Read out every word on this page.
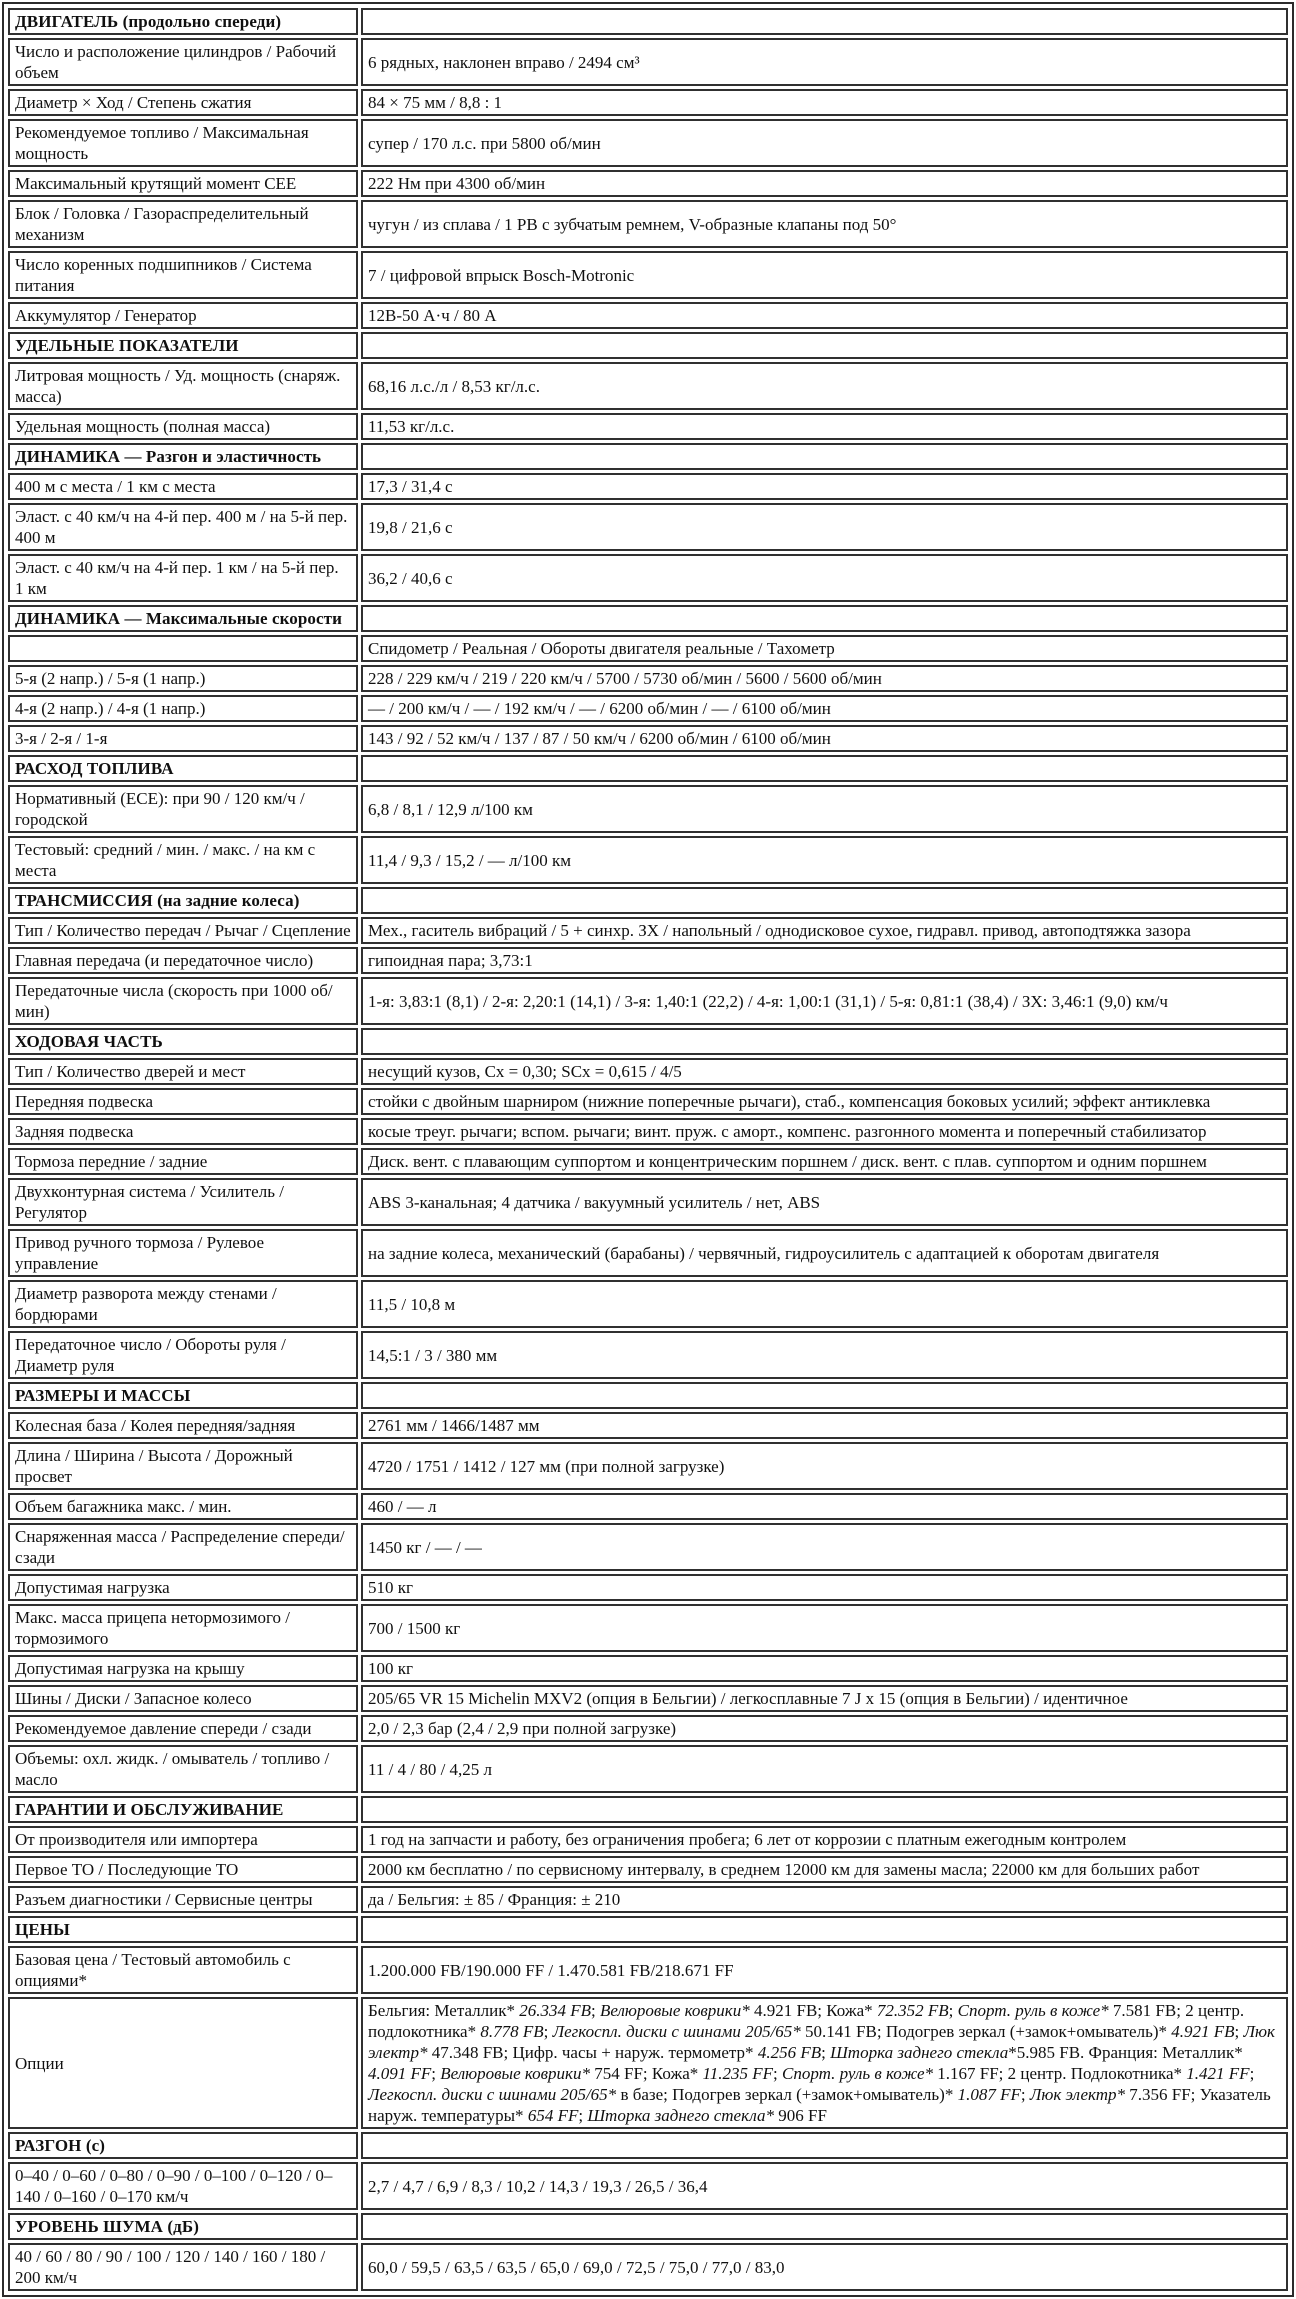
ДВИГАТЕЛЬ (продольно спереди)	
Число и расположение цилиндров / Рабочий объем	6 рядных, наклонен вправо / 2494 см³
Диаметр × Ход / Степень сжатия	84 × 75 мм / 8,8 : 1
Рекомендуемое топливо / Максимальная мощность	супер / 170 л.с. при 5800 об/мин
Максимальный крутящий момент СЕЕ	222 Нм при 4300 об/мин
Блок / Головка / Газораспределительный механизм	чугун / из сплава / 1 РВ с зубчатым ремнем, V-образные клапаны под 50°
Число коренных подшипников / Система питания	7 / цифровой впрыск Bosch-Motronic
Аккумулятор / Генератор	12В-50 А·ч / 80 А
УДЕЛЬНЫЕ ПОКАЗАТЕЛИ	
Литровая мощность / Уд. мощность (снаряж. масса)	68,16 л.с./л / 8,53 кг/л.с.
Удельная мощность (полная масса)	11,53 кг/л.с.
ДИНАМИКА — Разгон и эластичность	
400 м с места / 1 км с места	17,3 / 31,4 с
Эласт. с 40 км/ч на 4-й пер. 400 м / на 5-й пер. 400 м	19,8 / 21,6 с
Эласт. с 40 км/ч на 4-й пер. 1 км / на 5-й пер. 1 км	36,2 / 40,6 с
ДИНАМИКА — Максимальные скорости	
	Спидометр / Реальная / Обороты двигателя реальные / Тахометр
5-я (2 напр.) / 5-я (1 напр.)	228 / 229 км/ч / 219 / 220 км/ч / 5700 / 5730 об/мин / 5600 / 5600 об/мин
4-я (2 напр.) / 4-я (1 напр.)	— / 200 км/ч / — / 192 км/ч / — / 6200 об/мин / — / 6100 об/мин
3-я / 2-я / 1-я	143 / 92 / 52 км/ч / 137 / 87 / 50 км/ч / 6200 об/мин / 6100 об/мин
РАСХОД ТОПЛИВА	
Нормативный (ЕСЕ): при 90 / 120 км/ч / городской	6,8 / 8,1 / 12,9 л/100 км
Тестовый: средний / мин. / макс. / на км с места	11,4 / 9,3 / 15,2 / — л/100 км
ТРАНСМИССИЯ (на задние колеса)	
Тип / Количество передач / Рычаг / Сцепление	Мех., гаситель вибраций / 5 + синхр. ЗХ / напольный / однодисковое сухое, гидравл. привод, автоподтяжка зазора
Главная передача (и передаточное число)	гипоидная пара; 3,73:1
Передаточные числа (скорость при 1000 об/мин)	1-я: 3,83:1 (8,1) / 2-я: 2,20:1 (14,1) / 3-я: 1,40:1 (22,2) / 4-я: 1,00:1 (31,1) / 5-я: 0,81:1 (38,4) / ЗХ: 3,46:1 (9,0) км/ч
ХОДОВАЯ ЧАСТЬ	
Тип / Количество дверей и мест	несущий кузов, Сх = 0,30; SCx = 0,615 / 4/5
Передняя подвеска	стойки с двойным шарниром (нижние поперечные рычаги), стаб., компенсация боковых усилий; эффект антиклевка
Задняя подвеска	косые треуг. рычаги; вспом. рычаги; винт. пруж. с аморт., компенс. разгонного момента и поперечный стабилизатор
Тормоза передние / задние	Диск. вент. с плавающим суппортом и концентрическим поршнем / диск. вент. с плав. суппортом и одним поршнем
Двухконтурная система / Усилитель / Регулятор	ABS 3-канальная; 4 датчика / вакуумный усилитель / нет, ABS
Привод ручного тормоза / Рулевое управление	на задние колеса, механический (барабаны) / червячный, гидроусилитель с адаптацией к оборотам двигателя
Диаметр разворота между стенами / бордюрами	11,5 / 10,8 м
Передаточное число / Обороты руля / Диаметр руля	14,5:1 / 3 / 380 мм
РАЗМЕРЫ И МАССЫ	
Колесная база / Колея передняя/задняя	2761 мм / 1466/1487 мм
Длина / Ширина / Высота / Дорожный просвет	4720 / 1751 / 1412 / 127 мм (при полной загрузке)
Объем багажника макс. / мин.	460 / — л
Снаряженная масса / Распределение спереди/сзади	1450 кг / — / —
Допустимая нагрузка	510 кг
Макс. масса прицепа нетормозимого / тормозимого	700 / 1500 кг
Допустимая нагрузка на крышу	100 кг
Шины / Диски / Запасное колесо	205/65 VR 15 Michelin MXV2 (опция в Бельгии) / легкосплавные 7 J x 15 (опция в Бельгии) / идентичное
Рекомендуемое давление спереди / сзади	2,0 / 2,3 бар (2,4 / 2,9 при полной загрузке)
Объемы: охл. жидк. / омыватель / топливо / масло	11 / 4 / 80 / 4,25 л
ГАРАНТИИ И ОБСЛУЖИВАНИЕ	
От производителя или импортера	1 год на запчасти и работу, без ограничения пробега; 6 лет от коррозии с платным ежегодным контролем
Первое ТО / Последующие ТО	2000 км бесплатно / по сервисному интервалу, в среднем 12000 км для замены масла; 22000 км для больших работ
Разъем диагностики / Сервисные центры	да / Бельгия: ± 85 / Франция: ± 210
ЦЕНЫ	
Базовая цена / Тестовый автомобиль с опциями*	1.200.000 FB/190.000 FF / 1.470.581 FB/218.671 FF
Опции	Бельгия: Металлик* 26.334 FB; Велюровые коврики* 4.921 FB; Кожа* 72.352 FB; Спорт. руль в коже* 7.581 FB; 2 центр. подлокотника* 8.778 FB; Легкоспл. диски с шинами 205/65* 50.141 FB; Подогрев зеркал (+замок+омыватель)* 4.921 FB; Люк электр* 47.348 FB; Цифр. часы + наруж. термометр* 4.256 FB; Шторка заднего стекла*5.985 FB. Франция: Металлик* 4.091 FF; Велюровые коврики* 754 FF; Кожа* 11.235 FF; Спорт. руль в коже* 1.167 FF; 2 центр. Подлокотника* 1.421 FF; Легкоспл. диски с шинами 205/65* в базе; Подогрев зеркал (+замок+омыватель)* 1.087 FF; Люк электр* 7.356 FF; Указатель наруж. температуры* 654 FF; Шторка заднего стекла* 906 FF
РАЗГОН (с)	
0–40 / 0–60 / 0–80 / 0–90 / 0–100 / 0–120 / 0–140 / 0–160 / 0–170 км/ч	2,7 / 4,7 / 6,9 / 8,3 / 10,2 / 14,3 / 19,3 / 26,5 / 36,4
УРОВЕНЬ ШУМА (дБ)	
40 / 60 / 80 / 90 / 100 / 120 / 140 / 160 / 180 / 200 км/ч	60,0 / 59,5 / 63,5 / 63,5 / 65,0 / 69,0 / 72,5 / 75,0 / 77,0 / 83,0
